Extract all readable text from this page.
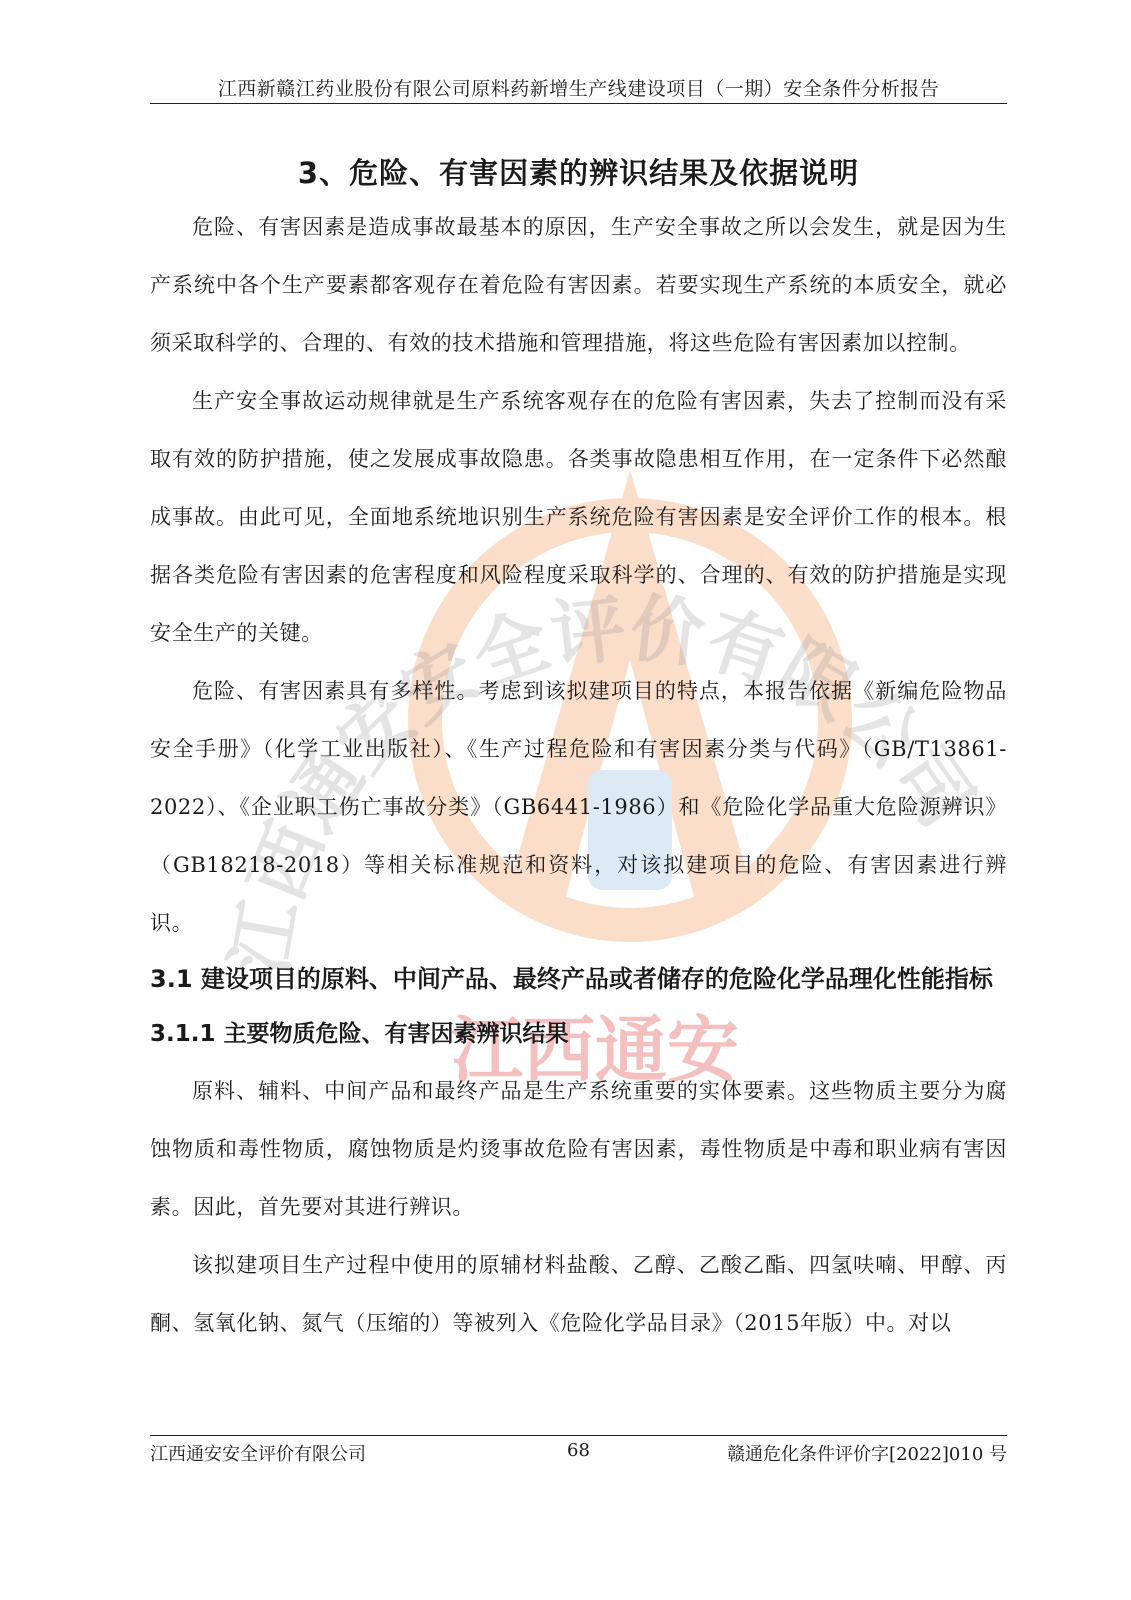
江西通安安全评价有限公司
江西通安
江西新赣江药业股份有限公司原料药新增生产线建设项目（一期）安全条件分析报告
3、危险、有害因素的辨识结果及依据说明

危险、有害因素是造成事故最基本的原因，生产安全事故之所以会发生，就是因为生产系统中各个生产要素都客观存在着危险有害因素。若要实现生产系统的本质安全，就必须采取科学的、合理的、有效的技术措施和管理措施，将这些危险有害因素加以控制。

生产安全事故运动规律就是生产系统客观存在的危险有害因素，失去了控制而没有采取有效的防护措施，使之发展成事故隐患。各类事故隐患相互作用，在一定条件下必然酿成事故。由此可见，全面地系统地识别生产系统危险有害因素是安全评价工作的根本。根据各类危险有害因素的危害程度和风险程度采取科学的、合理的、有效的防护措施是实现安全生产的关键。

危险、有害因素具有多样性。考虑到该拟建项目的特点，本报告依据《新编危险物品安全手册》（化学工业出版社）、《生产过程危险和有害因素分类与代码》（GB/T13861-2022）、《企业职工伤亡事故分类》（GB6441-1986）和《危险化学品重大危险源辨识》（GB18218-2018）等相关标准规范和资料，对该拟建项目的危险、有害因素进行辨识。

3.1 建设项目的原料、中间产品、最终产品或者储存的危险化学品理化性能指标
3.1.1 主要物质危险、有害因素辨识结果

原料、辅料、中间产品和最终产品是生产系统重要的实体要素。这些物质主要分为腐蚀物质和毒性物质，腐蚀物质是灼烫事故危险有害因素，毒性物质是中毒和职业病有害因素。因此，首先要对其进行辨识。

该拟建项目生产过程中使用的原辅材料盐酸、乙醇、乙酸乙酯、四氢呋喃、甲醇、丙酮、氢氧化钠、氮气（压缩的）等被列入《危险化学品目录》（2015年版）中。对以

江西通安安全评价有限公司	68	赣通危化条件评价字[2022]010 号
